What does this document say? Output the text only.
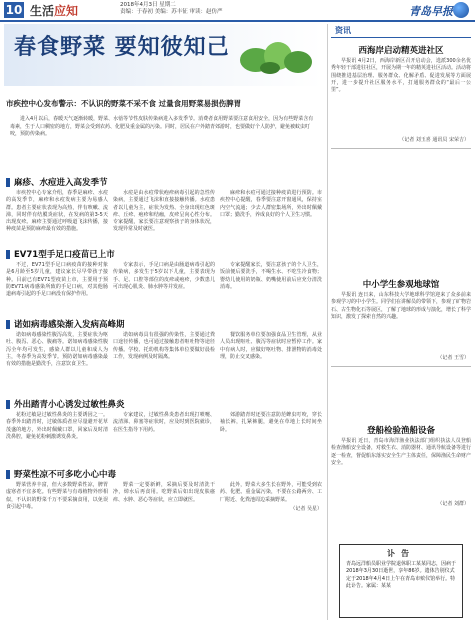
10 生活应知	2018年4月3日 星期二
责编：于春初 美编：苏丰征 审读：赵仿严	青岛早报
春食野菜 要知彼知己
市疾控中心发布警示：不认识的野菜不采不食 过量食用野菜易损伤脾胃
进入4月以后，春暖天气逐渐转暖，野菜、水蓿等节性皮肤传染病进入多发季节。消费者食用野菜要注意食用安全，因为有些野菜含有毒素，生于人口稠密的地方，野菜会受到农药、化肥及重金属的污染。同时，居民在户外踏青郊游时，也要做好个人防护，避免被蚊虫叮咬，预防传染病。
麻疹、水痘进入高发季节

市疾控中心专家介绍，春季是麻疹、水痘的高发季节，麻疹和水痘发病主要为易感人群。患者主要症状表现为高热，伴有咳嗽、流涕，同时伴有结膜炎症状，在发病的第3-5天出现皮疹。麻疹主要通过呼吸道飞沫传播，接种疫苗是预防麻疹最有效的措施。

水痘是由水痘带状疱疹病毒引起的急性传染病，主要通过飞沫和直接接触传播。水痘患者以儿童为主，症状为发热、全身出现红色斑疹、丘疹、疱疹和结痂，皮疹呈向心性分布。专家提醒，家长要注意观察孩子的身体状况，发现异常及时就医。

麻疹和水痘可通过接种疫苗进行预防。市疾控中心提醒，春季要注意开窗通风，保持室内空气流通；少去人群密集场所，外出时佩戴口罩；勤洗手，养成良好的个人卫生习惯。

EV71型手足口疫苗已上市

不过，EV71型手足口病疫苗的接种对象是6月龄至5岁儿童，建议家长尽早带孩子接种。目前已有EV71型疫苗上市，主要用于预防EV71病毒感染所致的手足口病，对其他肠道病毒引起的手足口病没有保护作用。

专家表示，手足口病是由肠道病毒引起的传染病，多发生于5岁以下儿童，主要表现为手、足、口腔等部位的皮疹或疱疹，少数患儿可出现心肌炎、肺水肿等并发症。

专家提醒家长，要注意孩子的个人卫生，饭前便后要洗手，不喝生水、不吃生冷食物；婴幼儿使用的奶瓶、奶嘴使用前后应充分清洗消毒。

诺如病毒感染渐入发病高峰期

诺如病毒感染性腹泻高发，主要症状为呕吐、腹泻、恶心、腹痛等。诺如病毒感染性腹泻全年均可发生，感染人群以儿童和成人为主，冬春季为高发季节。预防诺如病毒感染最有效的措施是勤洗手，注意饮食卫生。

诺如病毒具有很强的传染性，主要通过粪口途径传播，也可通过接触患者呕吐物等途径传播。学校、托幼机构等集体单位要做好晨检工作，发现病例及时隔离。

餐饮服务单位要加强食品卫生管理，从业人员出现呕吐、腹泻等症状时应暂停工作。家中有病人时，应做好呕吐物、排泄物的消毒处理，防止交叉感染。

外出踏青小心诱发过敏性鼻炎

花粉过敏是过敏性鼻炎的主要诱因之一。春季外出踏青时，过敏体质者应尽量避开花草茂盛的地方，外出时佩戴口罩，回家后及时清洗鼻腔，避免花粉刺激诱发鼻炎。

专家建议，过敏性鼻炎患者出现打喷嚏、流清涕、鼻塞等症状时，应及时到医院就诊，在医生指导下用药。

郊游踏青时还要注意防范蜱虫叮咬，穿长袖长裤，扎紧裤腿，避免在草地上长时间坐卧。

野菜性凉不可多吃小心中毒

野菜营养丰富，但大多数野菜性凉，脾胃虚寒者不宜多吃。有些野菜与有毒植物外形相似，不认识的野菜千万不要采摘食用，以免误食引起中毒。

野菜一定要新鲜，采摘后要及时清洗干净，焯水后再食用。吃野菜后如出现皮肤瘙痒、水肿、恶心等症状，应立即就医。

此外，野菜大多生长在野外，可能受到农药、化肥、重金属污染，不要在公路两旁、工厂附近、化粪池周边采摘野菜。

（记者 吴星）

资讯
西海岸启动精英进社区

早报讯 4月2日，西海岸新区召开启动会，选派300余名优秀年轻干部进驻社区，开展为期一年的精英进社区活动。活动将围绕推进基层治理、服务群众、化解矛盾、促进发展等方面展开，进一步提升社区服务水平，打通服务群众的“最后一公里”。

（记者 刘玉喜 通讯员 宋荣吉）
中小学生参观地球馆

早报讯 连日来，山东科技大学地球科学馆迎来了众多前来参观学习的中小学生。同学们在讲解员的带领下，参观了矿物岩石、古生物化石等展区，了解了地球的形成与演化，增长了科学知识，激发了探索自然的兴趣。

（记者 王雪）
登船检验渔船设备

早报讯 近日，青岛市海洋渔业执法部门组织执法人员登船检查渔船安全设备，对救生衣、消防器材、通讯导航设备等进行逐一检查，督促船东落实安全生产主体责任，保障渔民生命财产安全。

（记者 刘群）
讣告
青岛远洋船员职业学院退休职工某某同志，因病于2018年3月30日逝世，享年86岁。遗体告别仪式定于2018年4月4日上午在青岛市殡仪馆举行。特此讣告。家属：某某
